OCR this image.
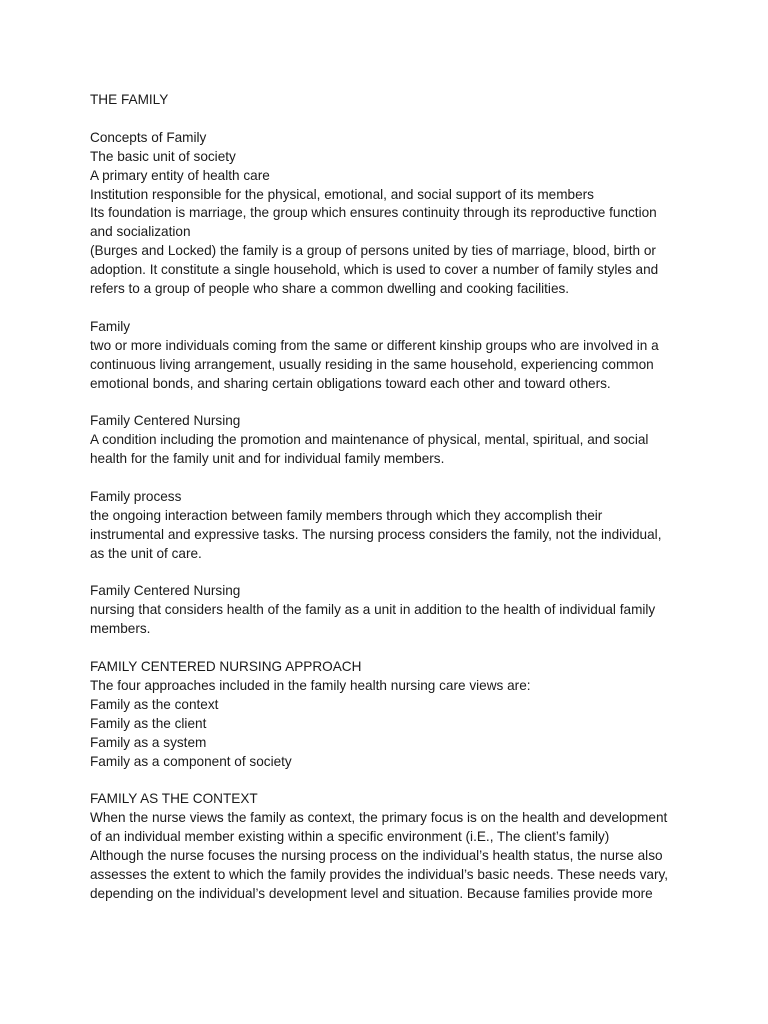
THE FAMILY

Concepts of Family

The basic unit of society

A primary entity of health care

Institution responsible for the physical, emotional, and social support of its members

Its foundation is marriage, the group which ensures continuity through its reproductive function

and socialization

(Burges and Locked) the family is a group of persons united by ties of marriage, blood, birth or

adoption. It constitute a single household, which is used to cover a number of family styles and

refers to a group of people who share a common dwelling and cooking facilities.

Family

two or more individuals coming from the same or different kinship groups who are involved in a

continuous living arrangement, usually residing in the same household, experiencing common

emotional bonds, and sharing certain obligations toward each other and toward others.

Family Centered Nursing

A condition including the promotion and maintenance of physical, mental, spiritual, and social

health for the family unit and for individual family members.

Family process

the ongoing interaction between family members through which they accomplish their

instrumental and expressive tasks. The nursing process considers the family, not the individual,

as the unit of care.

Family Centered Nursing

nursing that considers health of the family as a unit in addition to the health of individual family

members.

FAMILY CENTERED NURSING APPROACH

The four approaches included in the family health nursing care views are:

Family as the context

Family as the client

Family as a system

Family as a component of society

FAMILY AS THE CONTEXT

When the nurse views the family as context, the primary focus is on the health and development

of an individual member existing within a specific environment (i.E., The client’s family)

Although the nurse focuses the nursing process on the individual’s health status, the nurse also

assesses the extent to which the family provides the individual’s basic needs. These needs vary,

depending on the individual’s development level and situation. Because families provide more
